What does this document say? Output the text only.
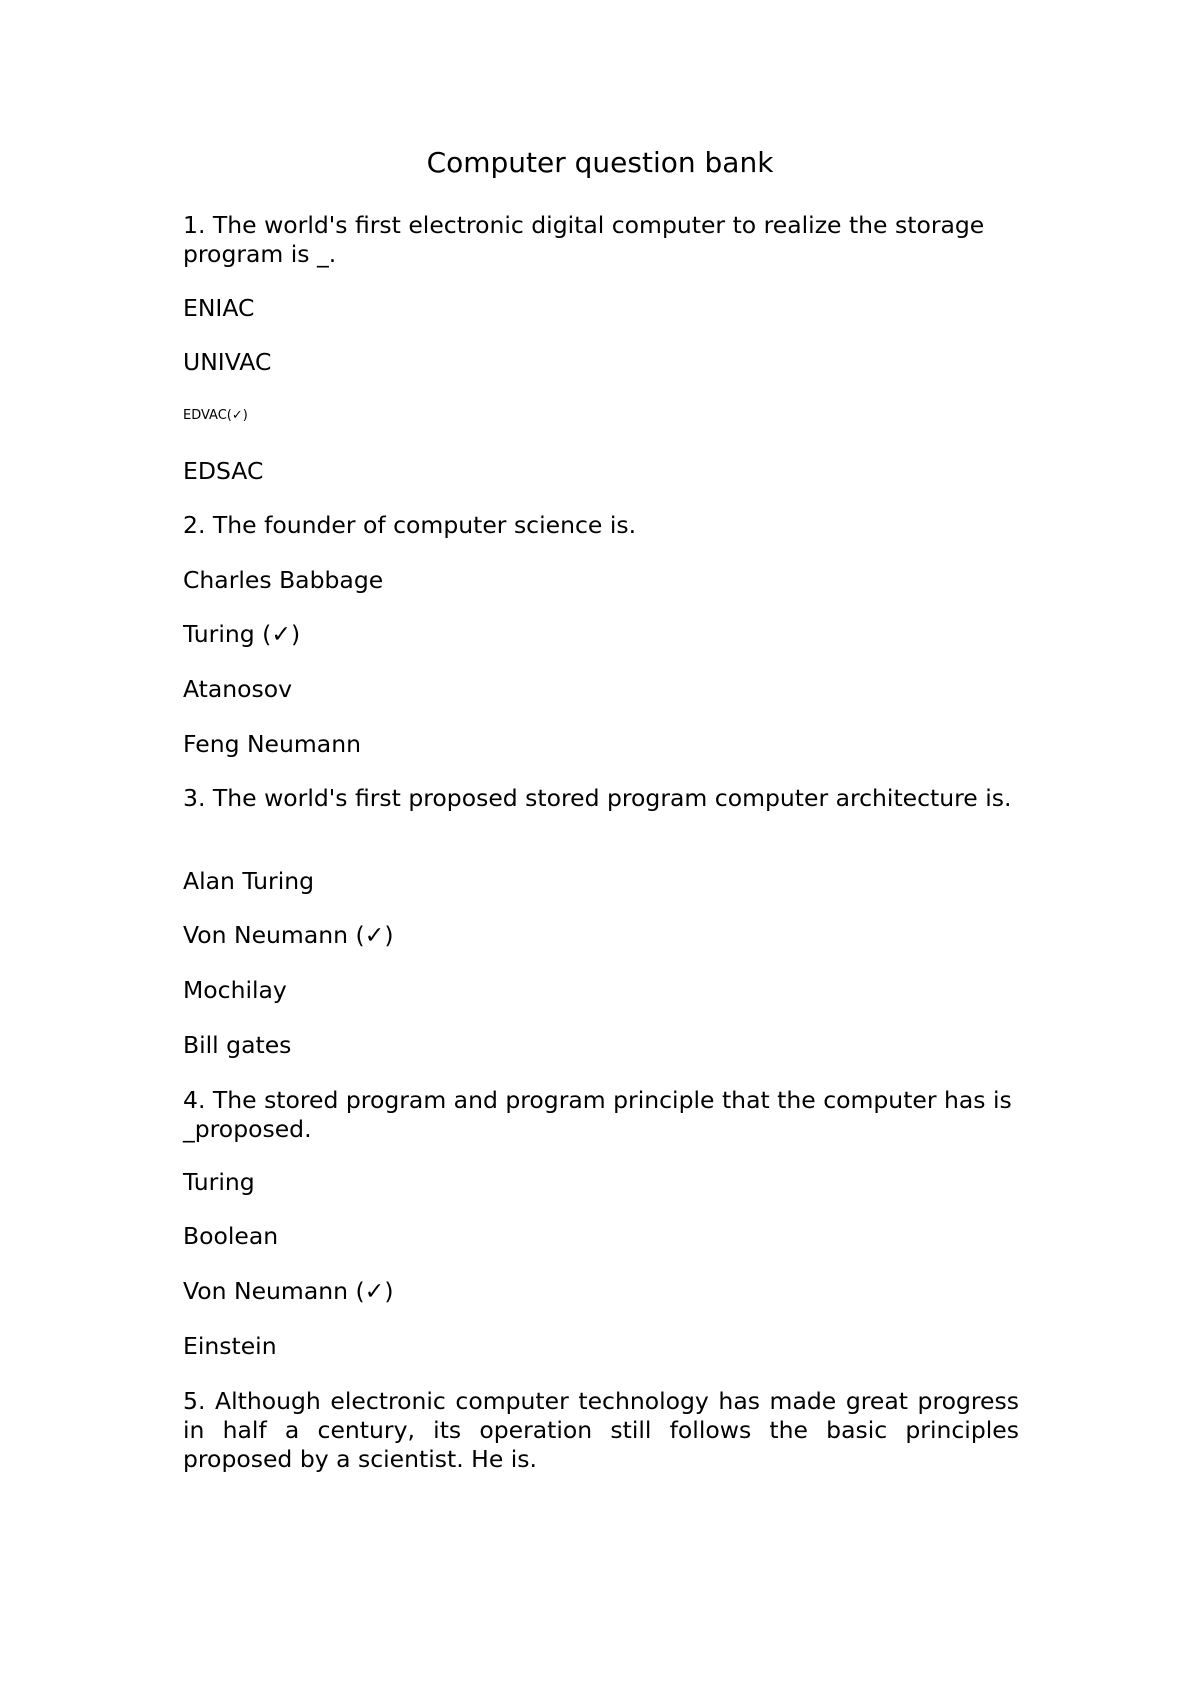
Computer question bank

1. The world's first electronic digital computer to realize the storage program is _.

ENIAC

UNIVAC

EDVAC(✓)

EDSAC

2. The founder of computer science is.

Charles Babbage

Turing (✓)

Atanosov

Feng Neumann

3. The world's first proposed stored program computer architecture is.

Alan Turing

Von Neumann (✓)

Mochilay

Bill gates

4. The stored program and program principle that the computer has is _proposed.

Turing

Boolean

Von Neumann (✓)

Einstein

5. Although electronic computer technology has made great progress in half a century, its operation still follows the basic principles proposed by a scientist. He is.
